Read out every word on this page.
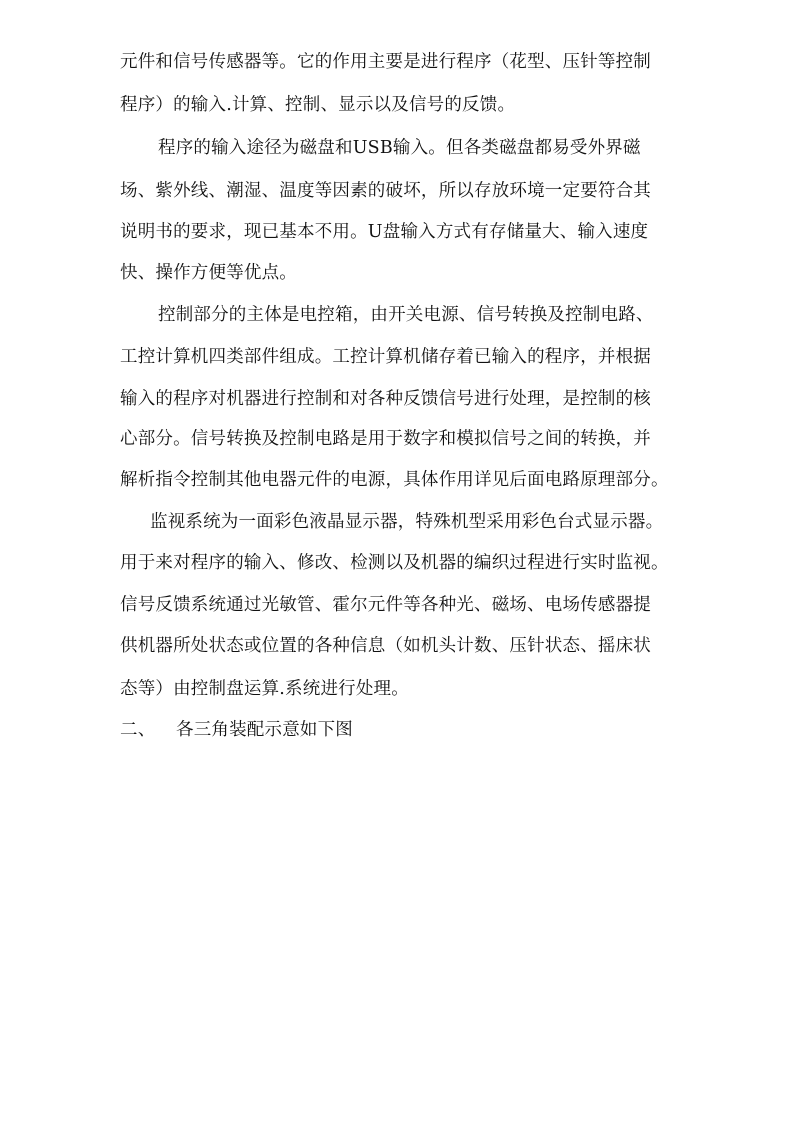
元件和信号传感器等。它的作用主要是进行程序（花型、压针等控制
程序）的输入.计算、控制、显示以及信号的反馈。
程序的输入途径为磁盘和USB输入。但各类磁盘都易受外界磁
场、紫外线、潮湿、温度等因素的破坏，所以存放环境一定要符合其
说明书的要求，现已基本不用。U盘输入方式有存储量大、输入速度
快、操作方便等优点。
控制部分的主体是电控箱，由开关电源、信号转换及控制电路、
工控计算机四类部件组成。工控计算机储存着已输入的程序，并根据
输入的程序对机器进行控制和对各种反馈信号进行处理，是控制的核
心部分。信号转换及控制电路是用于数字和模拟信号之间的转换，并
解析指令控制其他电器元件的电源，具体作用详见后面电路原理部分。
监视系统为一面彩色液晶显示器，特殊机型采用彩色台式显示器。
用于来对程序的输入、修改、检测以及机器的编织过程进行实时监视。
信号反馈系统通过光敏管、霍尔元件等各种光、磁场、电场传感器提
供机器所处状态或位置的各种信息（如机头计数、压针状态、摇床状
态等）由控制盘运算.系统进行处理。
二、 各三角装配示意如下图
